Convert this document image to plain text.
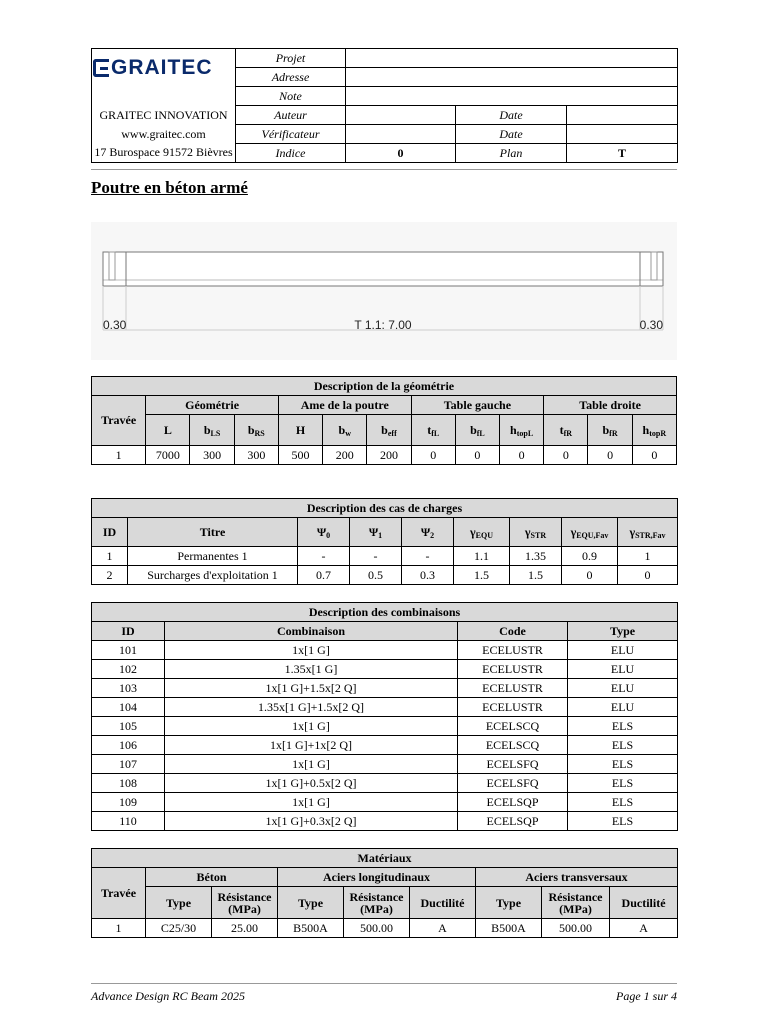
GRAITEC	Projet			
	Adresse			
	Note			
GRAITEC INNOVATION	Auteur		Date	
www.graitec.com	Vérificateur		Date	
17 Burospace 91572 Bièvres	Indice	0	Plan	T
Poutre en béton armé
0.30	T 1.1: 7.00	0.30
Description de la géométrie												
Travée	Géométrie			Ame de la poutre			Table gauche			Table droite		
	L	$b_{LS}$	$b_{RS}$	H	$b_w$	$b_{eff}$	$t_{fL}$	$b_{fL}$	$h_{topL}$	$t_{fR}$	$b_{fR}$	$h_{topR}$
1	7000	300	300	500	200	200	0	0	0	0	0	0
Description des cas de charges								
ID	Titre	$\Psi_0$	$\Psi_1$	$\Psi_2$	$\gamma_{EQU}$	$\gamma_{STR}$	$\gamma_{EQU,Fav}$	$\gamma_{STR,Fav}$
1	Permanentes 1	-	-	-	1.1	1.35	0.9	1
2	Surcharges d'exploitation 1	0.7	0.5	0.3	1.5	1.5	0	0
Description des combinaisons			
ID	Combinaison	Code	Type
101	1x[1 G]	ECELUSTR	ELU
102	1.35x[1 G]	ECELUSTR	ELU
103	1x[1 G]+1.5x[2 Q]	ECELUSTR	ELU
104	1.35x[1 G]+1.5x[2 Q]	ECELUSTR	ELU
105	1x[1 G]	ECELSCQ	ELS
106	1x[1 G]+1x[2 Q]	ECELSCQ	ELS
107	1x[1 G]	ECELSFQ	ELS
108	1x[1 G]+0.5x[2 Q]	ECELSFQ	ELS
109	1x[1 G]	ECELSQP	ELS
110	1x[1 G]+0.3x[2 Q]	ECELSQP	ELS
Matériaux								
Travée	Béton		Aciers longitudinaux			Aciers transversaux		
	Type	Résistance (MPa)	Type	Résistance (MPa)	Ductilité	Type	Résistance (MPa)	Ductilité
1	C25/30	25.00	B500A	500.00	A	B500A	500.00	A
Advance Design RC Beam 2025	Page 1 sur 4
